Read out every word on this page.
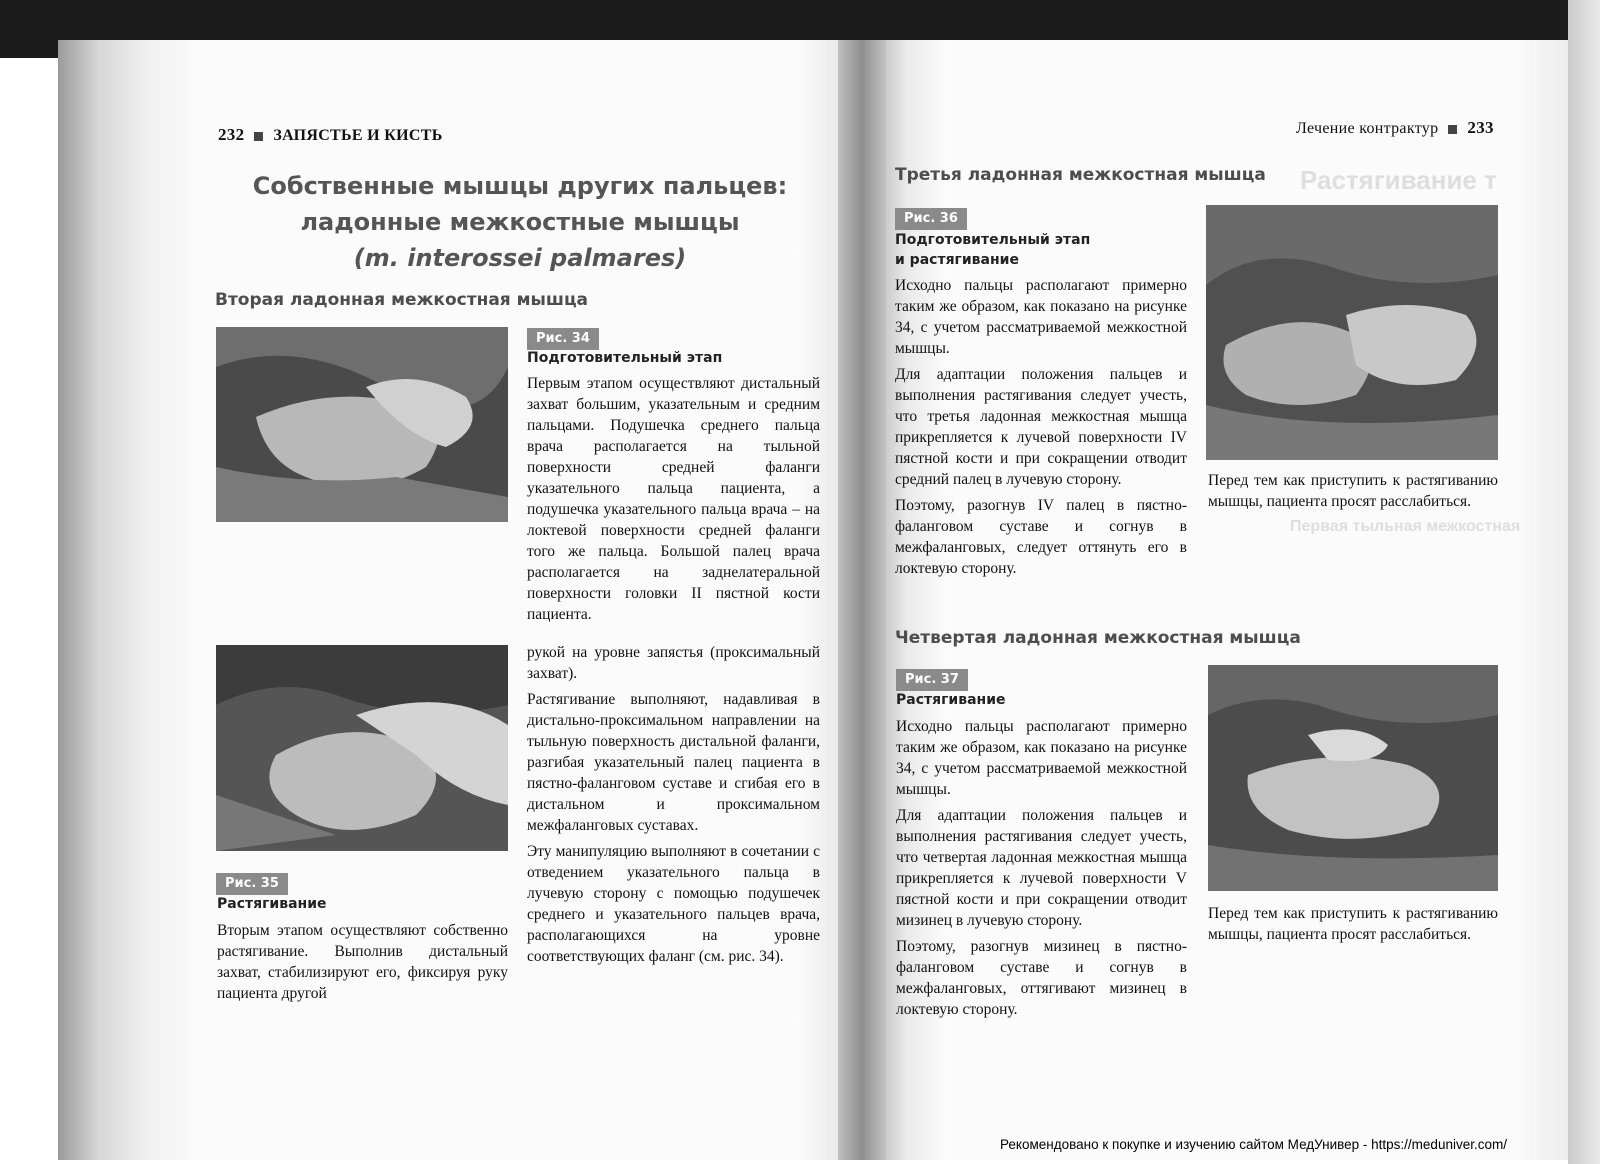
Растягивание т
Первая тыльная межкостная
232 ЗАПЯСТЬЕ И КИСТЬ
Собственные мышцы других пальцев:
ладонные межкостные мышцы
(m. interossei palmares)
Вторая ладонная межкостная мышца
Рис. 34
Подготовительный этап

Первым этапом осуществляют дистальный захват большим, указательным и средним пальцами. Подушечка среднего пальца врача располагается на тыльной поверхности средней фаланги указательного пальца пациента, а подушечка указательного пальца врача – на локтевой поверхности средней фаланги того же пальца. Большой палец врача располагается на заднелатеральной поверхности головки II пястной кости пациента.

Рис. 35
Растягивание

Вторым этапом осуществляют собственно растягивание. Выполнив дистальный захват, стабилизируют его, фиксируя руку пациента другой

рукой на уровне запястья (проксимальный захват).

Растягивание выполняют, надавливая в дистально-проксимальном направлении на тыльную поверхность дистальной фаланги, разгибая указательный палец пациента в пястно-фаланговом суставе и сгибая его в дистальном и проксимальном межфаланговых суставах.

Эту манипуляцию выполняют в сочетании с отведением указательного пальца в лучевую сторону с помощью подушечек среднего и указательного пальцев врача, располагающихся на уровне соответствующих фаланг (см. рис. 34).

Лечение контрактур 233
Третья ладонная межкостная мышца
Рис. 36
Подготовительный этап
и растягивание

Исходно пальцы располагают примерно таким же образом, как показано на рисунке 34, с учетом рассматриваемой межкостной мышцы.

Для адаптации положения пальцев и выполнения растягивания следует учесть, что третья ладонная межкостная мышца прикрепляется к лучевой поверхности IV пястной кости и при сокращении отводит средний палец в лучевую сторону.

Поэтому, разогнув IV палец в пястно-фаланговом суставе и согнув в межфаланговых, следует оттянуть его в локтевую сторону.

Перед тем как приступить к растягиванию мышцы, пациента просят расслабиться.

Четвертая ладонная межкостная мышца
Рис. 37
Растягивание

Исходно пальцы располагают примерно таким же образом, как показано на рисунке 34, с учетом рассматриваемой межкостной мышцы.

Для адаптации положения пальцев и выполнения растягивания следует учесть, что четвертая ладонная межкостная мышца прикрепляется к лучевой поверхности V пястной кости и при сокращении отводит мизинец в лучевую сторону.

Поэтому, разогнув мизинец в пястно-фаланговом суставе и согнув в межфаланговых, оттягивают мизинец в локтевую сторону.

Перед тем как приступить к растягиванию мышцы, пациента просят расслабиться.

Рекомендовано к покупке и изучению сайтом МедУнивер - https://meduniver.com/
